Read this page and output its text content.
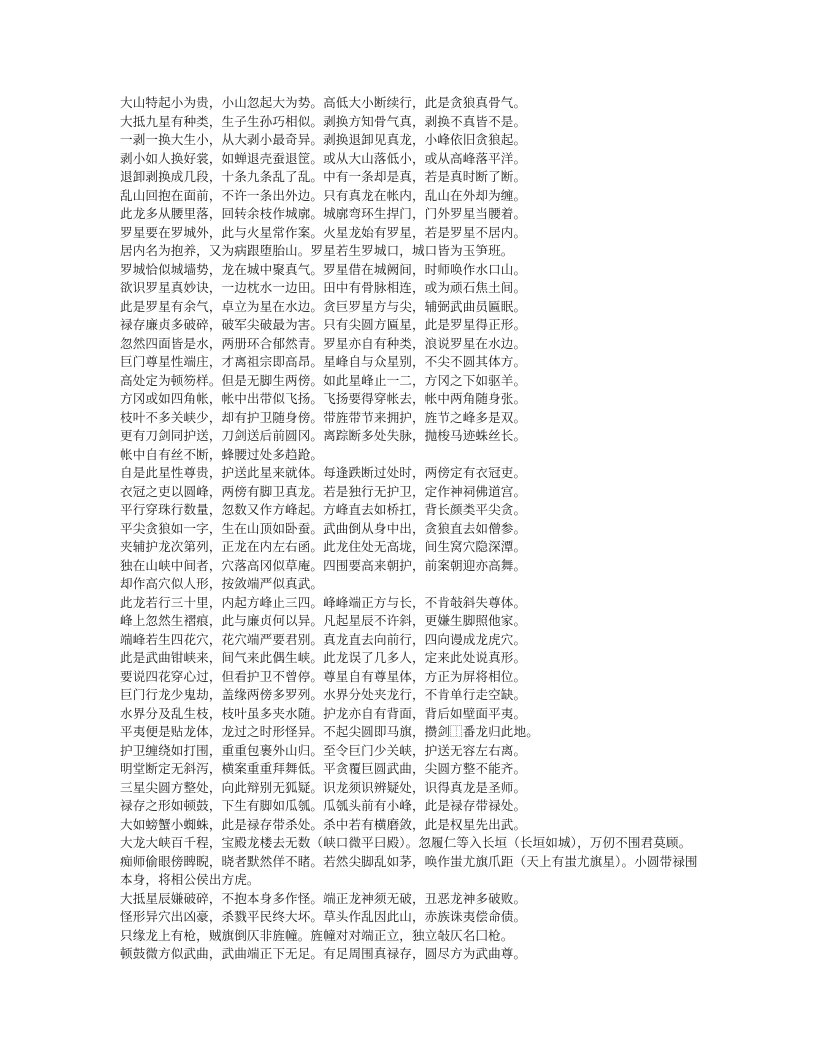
大山特起小为贵，小山忽起大为势。高低大小断续行，此是贪狼真骨气。
大抵九星有种类，生子生孙巧相似。剥换方知骨气真，剥换不真皆不是。
一剥一换大生小，从大剥小最奇异。剥换退卸见真龙，小峰依旧贪狼起。
剥小如人换好裳，如蝉退壳蚕退筐。或从大山落低小，或从高峰落平洋。
退卸剥换成几段，十条九条乱了乱。中有一条却是真，若是真时断了断。
乱山回抱在面前，不许一条出外边。只有真龙在帐内，乱山在外却为缠。
此龙多从腰里落，回转余枝作城廓。城廓弯环生捍门，门外罗星当腰着。
罗星要在罗城外，此与火星常作案。火星龙始有罗星，若是罗星不居内。
居内名为抱养，又为病跟堕胎山。罗星若生罗城口，城口皆为玉笋班。
罗城恰似城墙势，龙在城中聚真气。罗星借在城阙间，时师唤作水口山。
欲识罗星真妙诀，一边枕水一边田。田中有骨脉相连，或为顽石焦土间。
此是罗星有余气，卓立为星在水边。贪巨罗星方与尖，辅弼武曲员匾眠。
禄存廉贞多破碎，破军尖破最为害。只有尖圆方匾星，此是罗星得正形。
忽然四面皆是水，两册环合郁然青。罗星亦自有种类，浪说罗星在水边。
巨门尊星性端庄，才离祖宗即高昂。星峰自与众星别，不尖不圆其体方。
高处定为顿笏样。但是无脚生两傍。如此星峰止一二，方冈之下如驱羊。
方冈或如四角帐，帐中出带似飞扬。飞扬要得穿帐去，帐中两角随身张。
枝叶不多关峡少，却有护卫随身傍。带旌带节来拥护，旌节之峰多是双。
更有刀剑同护送，刀剑送后前圆冈。离踪断多处失脉，抛梭马迹蛛丝长。
帐中自有丝不断，蜂腰过处多趋跄。
自是此星性尊贵，护送此星来就体。每逢跌断过处时，两傍定有衣冠吏。
衣冠之吏以圆峰，两傍有脚卫真龙。若是独行无护卫，定作神祠佛道宫。
平行穿珠行数量，忽数又作方峰起。方峰直去如桥扛，背长颜类平尖贪。
平尖贪狼如一字，生在山顶如卧蚕。武曲倒从身中出，贪狼直去如僧参。
夹辅护龙次第列，正龙在内左右函。此龙住处无高垅，间生窝穴隐深潭。
独在山峡中间者，穴落高冈似草庵。四围要高来朝护，前案朝迎亦高舞。
却作高穴似人形，按敛端严似真武。
此龙若行三十里，内起方峰止三四。峰峰端正方与长，不肯敧斜失尊体。
峰上忽然生褶痕，此与廉贞何以异。凡起星辰不许斜，更嫌生脚照他家。
端峰若生四花穴，花穴端严要君别。真龙直去向前行，四向谩成龙虎穴。
此是武曲钳峡来，间气来此偶生峡。此龙误了几多人，定来此处说真形。
要说四花穿心过，但看护卫不曾停。尊星自有尊星体，方正为屏将相位。
巨门行龙少鬼劫，盖缘两傍多罗列。水界分处夹龙行，不肯单行走空缺。
水界分及乱生枝，枝叶虽多夹水随。护龙亦自有背面，背后如壁面平夷。
平夷便是贴龙体，龙过之时形怪异。不起尖圆即马旗，攒剑⿰番龙归此地。
护卫缠绕如打围，重重包裹外山归。至令巨门少关峡，护送无容左右离。
明堂断定无斜泻，横案重重拜舞低。平贪覆巨圆武曲，尖圆方整不能齐。
三星尖圆方整处，向此辩别无狐疑。识龙须识辨疑处，识得真龙是圣师。
禄存之形如顿鼓，下生有脚如瓜瓠。瓜瓠头前有小峰，此是禄存带禄处。
大如螃蟹小蜘蛛，此是禄存带杀处。杀中若有横磨敛，此是权星先出武。
大龙大峡百千程，宝殿龙楼去无数（峡口微平曰殿）。忽履仁等入长垣（长垣如城），万仞不围君莫顾。痴师偷眼傍睥睨，晓者默然佯不睹。若然尖脚乱如茅，唤作蚩尤旗爪距（天上有蚩尤旗星）。小圆带禄围本身，将相公侯出方虎。
大抵星辰嫌破碎，不抱本身多作怪。端正龙神须无破，丑恶龙神多破败。
怪形异穴出凶豪，杀戮平民终大坏。草头作乱因此山，赤族诛夷偿命债。
只缘龙上有枪，贼旗倒仄非旌幢。旌幢对对端正立，独立敧仄名囗枪。
顿鼓微方似武曲，武曲端正下无足。有足周围真禄存，圆尽方为武曲尊。
